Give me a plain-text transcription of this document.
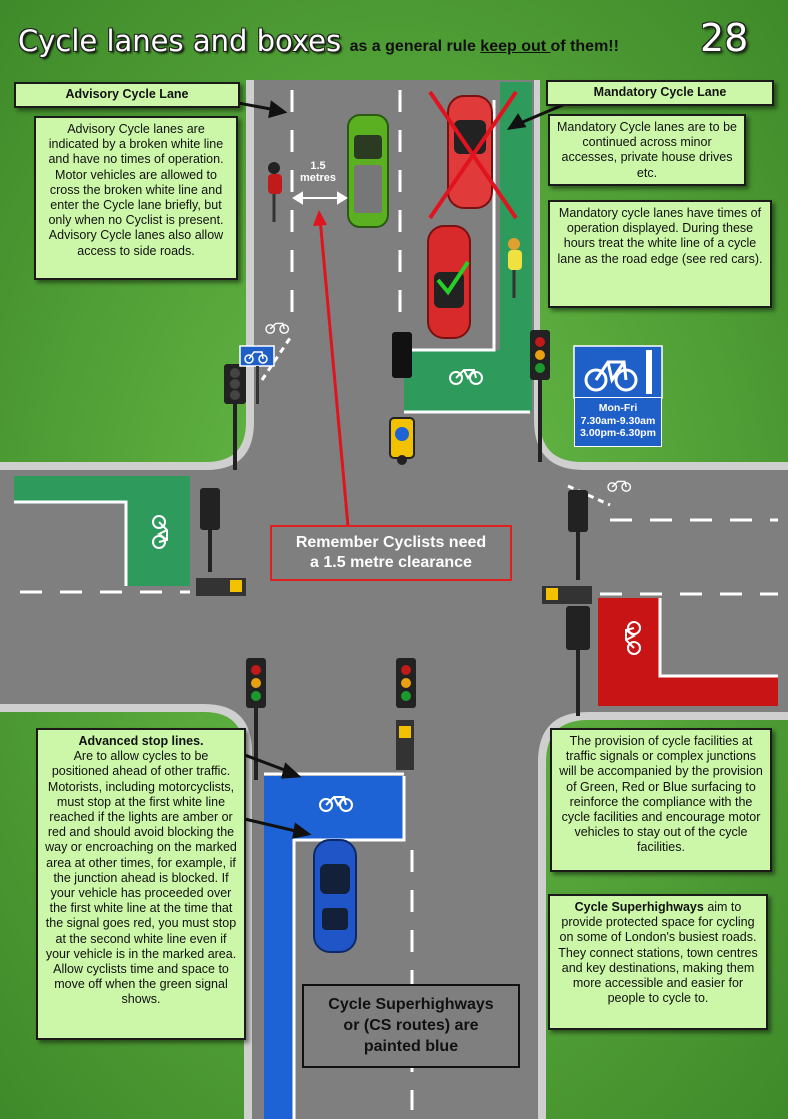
Cycle lanes and boxes as a general rule keep out of them!! 28
Advisory Cycle Lane
Advisory Cycle lanes are indicated by a broken white line and have no times of operation. Motor vehicles are allowed to cross the broken white line and enter the Cycle lane briefly, but only when no Cyclist is present. Advisory Cycle lanes also allow access to side roads.
Mandatory Cycle Lane
Mandatory Cycle lanes are to be continued across minor accesses, private house drives etc.
Mandatory cycle lanes have times of operation displayed. During these hours treat the white line of a cycle lane as the road edge (see red cars).
1.5
metres
Mon-Fri
7.30am-9.30am
3.00pm-6.30pm
Remember Cyclists need
a 1.5 metre clearance
Advanced stop lines.
Are to allow cycles to be positioned ahead of other traffic. Motorists, including motorcyclists, must stop at the first white line reached if the lights are amber or red and should avoid blocking the way or encroaching on the marked area at other times, for example, if the junction ahead is blocked. If your vehicle has proceeded over the first white line at the time that the signal goes red, you must stop at the second white line even if your vehicle is in the marked area. Allow cyclists time and space to move off when the green signal shows.
The provision of cycle facilities at traffic signals or complex junctions will be accompanied by the provision of Green, Red or Blue surfacing to reinforce the compliance with the cycle facilities and encourage motor vehicles to stay out of the cycle facilities.
Cycle Superhighways aim to provide protected space for cycling on some of London's busiest roads. They connect stations, town centres and key destinations, making them more accessible and easier for people to cycle to.
Cycle Superhighways
or (CS routes) are
painted blue
